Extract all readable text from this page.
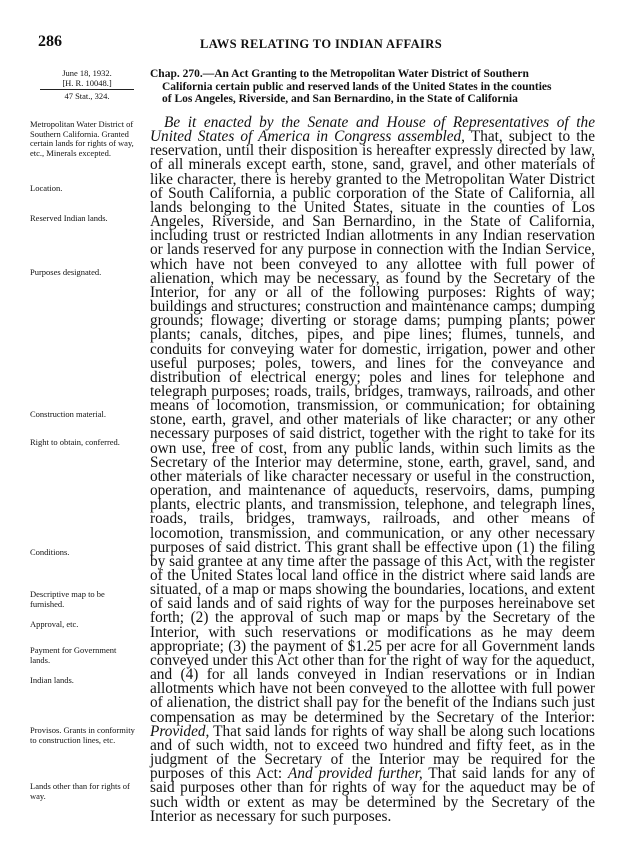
286	LAWS RELATING TO INDIAN AFFAIRS
June 18, 1932.
[H. R. 10048.]
47 Stat., 324.
Chap. 270.—An Act Granting to the Metropolitan Water District of Southern
California certain public and reserved lands of the United States in the counties
of Los Angeles, Riverside, and San Bernardino, in the State of California
Metropolitan Water District of Southern California. Granted certain lands for rights of way, etc., Minerals excepted.
Location.
Reserved Indian lands.
Purposes designated.
Construction material.
Right to obtain, conferred.
Conditions.
Descriptive map to be furnished.
Approval, etc.
Payment for Government lands.
Indian lands.
Provisos. Grants in conformity to construction lines, etc.
Lands other than for rights of way.

Be it enacted by the Senate and House of Representatives of the United States of America in Congress assembled, That, subject to the reservation, until their disposition is hereafter expressly directed by law, of all minerals except earth, stone, sand, gravel, and other materials of like character, there is hereby granted to the Metropolitan Water District of South California, a public corporation of the State of California, all lands belonging to the United States, situate in the counties of Los Angeles, Riverside, and San Bernardino, in the State of California, including trust or restricted Indian allotments in any Indian reservation or lands reserved for any purpose in connection with the Indian Service, which have not been conveyed to any allottee with full power of alienation, which may be necessary, as found by the Secretary of the Interior, for any or all of the following purposes: Rights of way; buildings and structures; construction and maintenance camps; dumping grounds; flowage; diverting or storage dams; pumping plants; power plants; canals, ditches, pipes, and pipe lines; flumes, tunnels, and conduits for conveying water for domestic, irrigation, power and other useful purposes; poles, towers, and lines for the conveyance and distribution of electrical energy; poles and lines for telephone and telegraph purposes; roads, trails, bridges, tramways, railroads, and other means of locomotion, transmission, or communication; for obtaining stone, earth, gravel, and other materials of like character; or any other necessary purposes of said district, together with the right to take for its own use, free of cost, from any public lands, within such limits as the Secretary of the Interior may determine, stone, earth, gravel, sand, and other materials of like character necessary or useful in the construction, operation, and maintenance of aqueducts, reservoirs, dams, pumping plants, electric plants, and transmission, telephone, and telegraph lines, roads, trails, bridges, tramways, railroads, and other means of locomotion, transmission, and communication, or any other necessary purposes of said district. This grant shall be effective upon (1) the filing by said grantee at any time after the passage of this Act, with the register of the United States local land office in the district where said lands are situated, of a map or maps showing the boundaries, locations, and extent of said lands and of said rights of way for the purposes hereinabove set forth; (2) the approval of such map or maps by the Secretary of the Interior, with such reservations or modifications as he may deem appropriate; (3) the payment of $1.25 per acre for all Government lands conveyed under this Act other than for the right of way for the aqueduct, and (4) for all lands conveyed in Indian reservations or in Indian allotments which have not been conveyed to the allottee with full power of alienation, the district shall pay for the benefit of the Indians such just compensation as may be determined by the Secretary of the Interior: Provided, That said lands for rights of way shall be along such locations and of such width, not to exceed two hundred and fifty feet, as in the judgment of the Secretary of the Interior may be required for the purposes of this Act: And provided further, That said lands for any of said purposes other than for rights of way for the aqueduct may be of such width or extent as may be determined by the Secretary of the Interior as necessary for such purposes.
